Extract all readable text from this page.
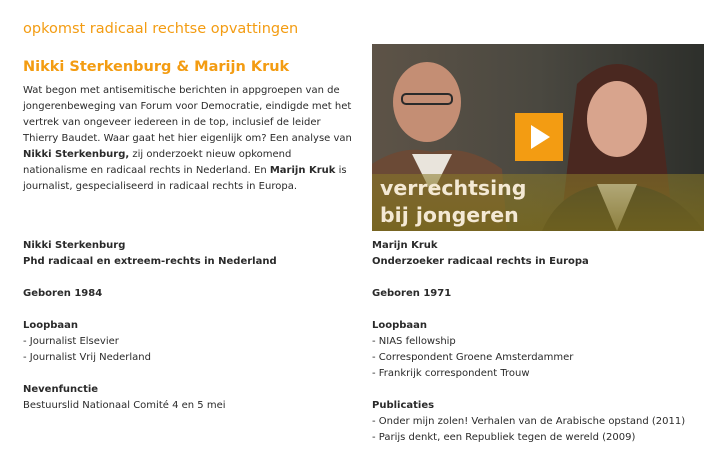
opkomst radicaal rechtse opvattingen
Nikki Sterkenburg & Marijn Kruk

Wat begon met antisemitische berichten in appgroepen van de jongerenbeweging van Forum voor Democratie, eindigde met het vertrek van ongeveer iedereen in de top, inclusief de leider Thierry Baudet. Waar gaat het hier eigenlijk om? Een analyse van Nikki Sterkenburg, zij onderzoekt nieuw opkomend nationalisme en radicaal rechts in Nederland. En Marijn Kruk is journalist, gespecialiseerd in radicaal rechts in Europa.	verrechtsing
bij jongeren
Nikki Sterkenburg
Phd radicaal en extreem-rechts in Nederland
Geboren 1984
Loopbaan
- Journalist Elsevier
- Journalist Vrij Nederland
Nevenfunctie
Bestuurslid Nationaal Comité 4 en 5 mei
Marijn Kruk
Onderzoeker radicaal rechts in Europa
Geboren 1971
Loopbaan
- NIAS fellowship
- Correspondent Groene Amsterdammer
- Frankrijk correspondent Trouw
Publicaties
- Onder mijn zolen! Verhalen van de Arabische opstand (2011)
- Parijs denkt, een Republiek tegen de wereld (2009)
